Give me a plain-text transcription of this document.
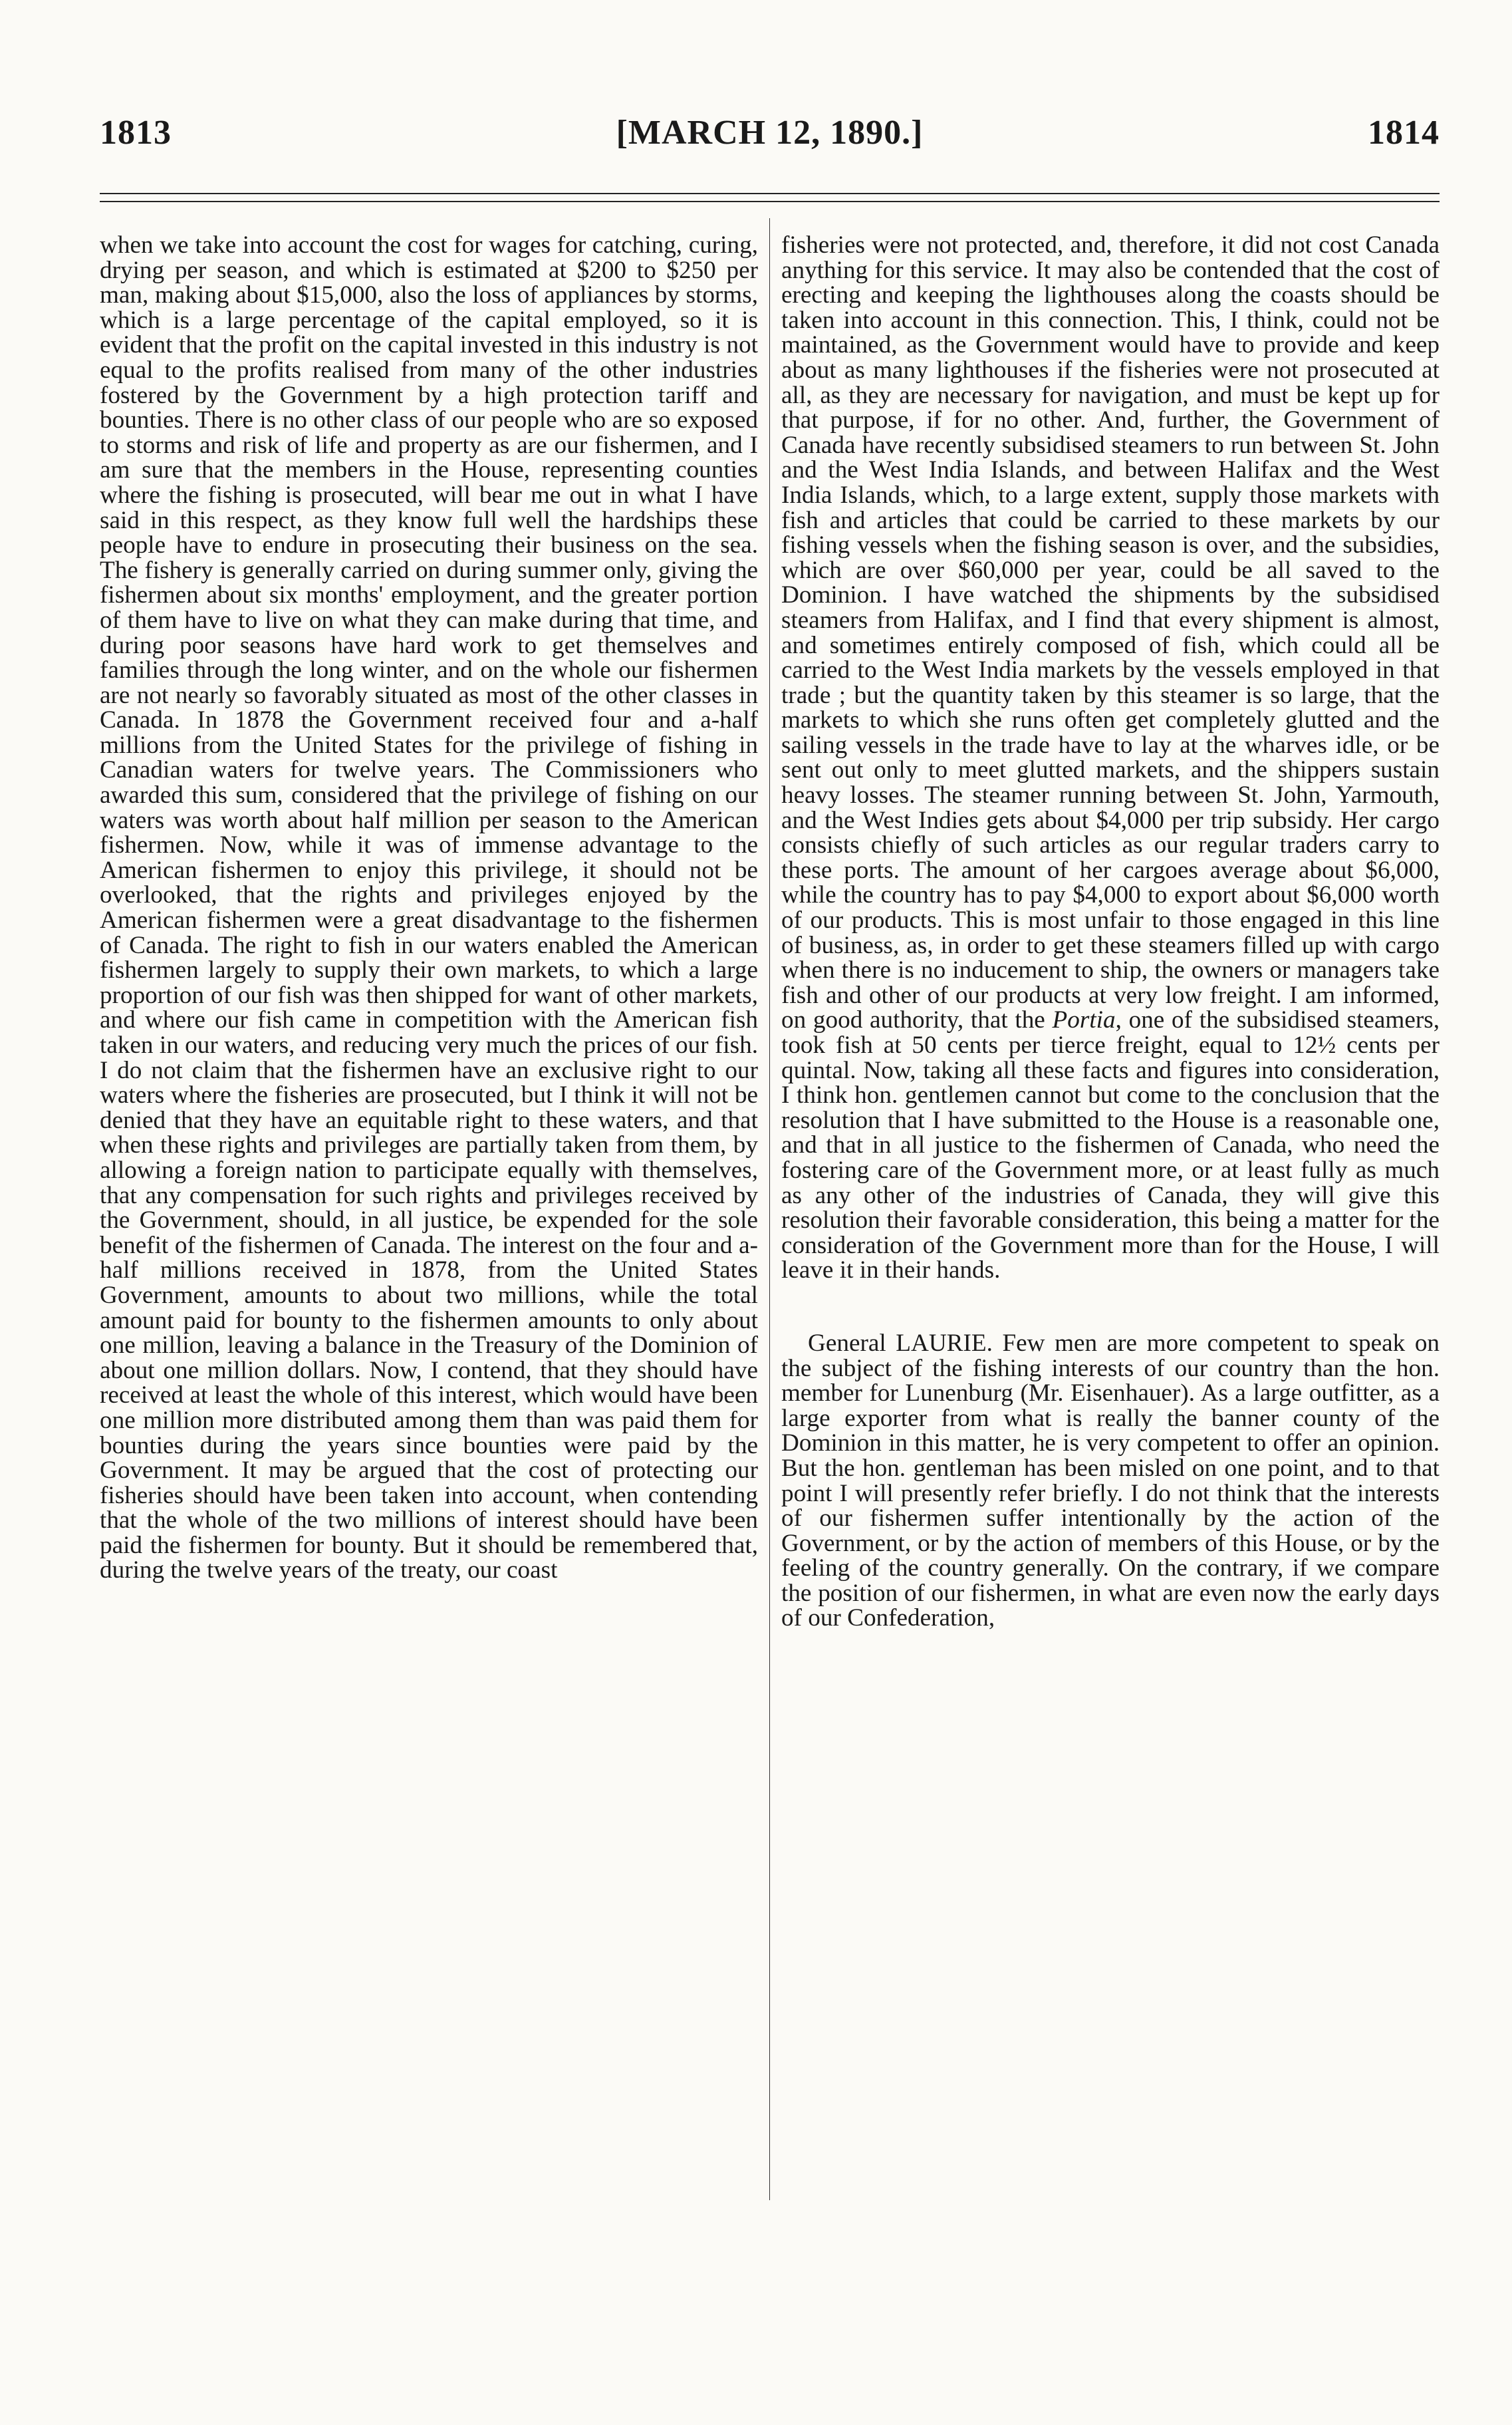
1813	[MARCH 12, 1890.]	1814

when we take into account the cost for wages for catching, curing, drying per season, and which is estimated at $200 to $250 per man, making about $15,000, also the loss of appliances by storms, which is a large percentage of the capital employed, so it is evident that the profit on the capital invested in this industry is not equal to the profits realised from many of the other industries fostered by the Government by a high protection tariff and bounties. There is no other class of our people who are so exposed to storms and risk of life and property as are our fishermen, and I am sure that the members in the House, representing counties where the fishing is prosecuted, will bear me out in what I have said in this respect, as they know full well the hardships these people have to endure in prosecuting their business on the sea. The fishery is generally carried on during summer only, giving the fishermen about six months' employment, and the greater portion of them have to live on what they can make during that time, and during poor seasons have hard work to get themselves and families through the long winter, and on the whole our fishermen are not nearly so favorably situated as most of the other classes in Canada. In 1878 the Government received four and a-half millions from the United States for the privilege of fishing in Canadian waters for twelve years. The Commissioners who awarded this sum, considered that the privilege of fishing on our waters was worth about half million per season to the American fishermen. Now, while it was of immense advantage to the American fishermen to enjoy this privilege, it should not be overlooked, that the rights and privileges enjoyed by the American fishermen were a great disadvantage to the fishermen of Canada. The right to fish in our waters enabled the American fishermen largely to supply their own markets, to which a large proportion of our fish was then shipped for want of other markets, and where our fish came in competition with the American fish taken in our waters, and reducing very much the prices of our fish. I do not claim that the fishermen have an exclusive right to our waters where the fisheries are prosecuted, but I think it will not be denied that they have an equitable right to these waters, and that when these rights and privileges are partially taken from them, by allowing a foreign nation to participate equally with themselves, that any compensation for such rights and privileges received by the Government, should, in all justice, be expended for the sole benefit of the fishermen of Canada. The interest on the four and a-half millions received in 1878, from the United States Government, amounts to about two millions, while the total amount paid for bounty to the fishermen amounts to only about one million, leaving a balance in the Treasury of the Dominion of about one million dollars. Now, I contend, that they should have received at least the whole of this interest, which would have been one million more distributed among them than was paid them for bounties during the years since bounties were paid by the Government. It may be argued that the cost of protecting our fisheries should have been taken into account, when contending that the whole of the two millions of interest should have been paid the fishermen for bounty. But it should be remembered that, during the twelve years of the treaty, our coast

fisheries were not protected, and, therefore, it did not cost Canada anything for this service. It may also be contended that the cost of erecting and keeping the lighthouses along the coasts should be taken into account in this connection. This, I think, could not be maintained, as the Government would have to provide and keep about as many lighthouses if the fisheries were not prosecuted at all, as they are necessary for navigation, and must be kept up for that purpose, if for no other. And, further, the Government of Canada have recently subsidised steamers to run between St. John and the West India Islands, and between Halifax and the West India Islands, which, to a large extent, supply those markets with fish and articles that could be carried to these markets by our fishing vessels when the fishing season is over, and the subsidies, which are over $60,000 per year, could be all saved to the Dominion. I have watched the shipments by the subsidised steamers from Halifax, and I find that every shipment is almost, and sometimes entirely composed of fish, which could all be carried to the West India markets by the vessels employed in that trade ; but the quantity taken by this steamer is so large, that the markets to which she runs often get completely glutted and the sailing vessels in the trade have to lay at the wharves idle, or be sent out only to meet glutted markets, and the shippers sustain heavy losses. The steamer running between St. John, Yarmouth, and the West Indies gets about $4,000 per trip subsidy. Her cargo consists chiefly of such articles as our regular traders carry to these ports. The amount of her cargoes average about $6,000, while the country has to pay $4,000 to export about $6,000 worth of our products. This is most unfair to those engaged in this line of business, as, in order to get these steamers filled up with cargo when there is no inducement to ship, the owners or managers take fish and other of our products at very low freight. I am informed, on good authority, that the Portia, one of the subsidised steamers, took fish at 50 cents per tierce freight, equal to 12½ cents per quintal. Now, taking all these facts and figures into consideration, I think hon. gentlemen cannot but come to the conclusion that the resolution that I have submitted to the House is a reasonable one, and that in all justice to the fishermen of Canada, who need the fostering care of the Government more, or at least fully as much as any other of the industries of Canada, they will give this resolution their favorable consideration, this being a matter for the consideration of the Government more than for the House, I will leave it in their hands.

General LAURIE. Few men are more competent to speak on the subject of the fishing interests of our country than the hon. member for Lunenburg (Mr. Eisenhauer). As a large outfitter, as a large exporter from what is really the banner county of the Dominion in this matter, he is very competent to offer an opinion. But the hon. gentleman has been misled on one point, and to that point I will presently refer briefly. I do not think that the interests of our fishermen suffer intentionally by the action of the Government, or by the action of members of this House, or by the feeling of the country generally. On the contrary, if we compare the position of our fishermen, in what are even now the early days of our Confederation,
